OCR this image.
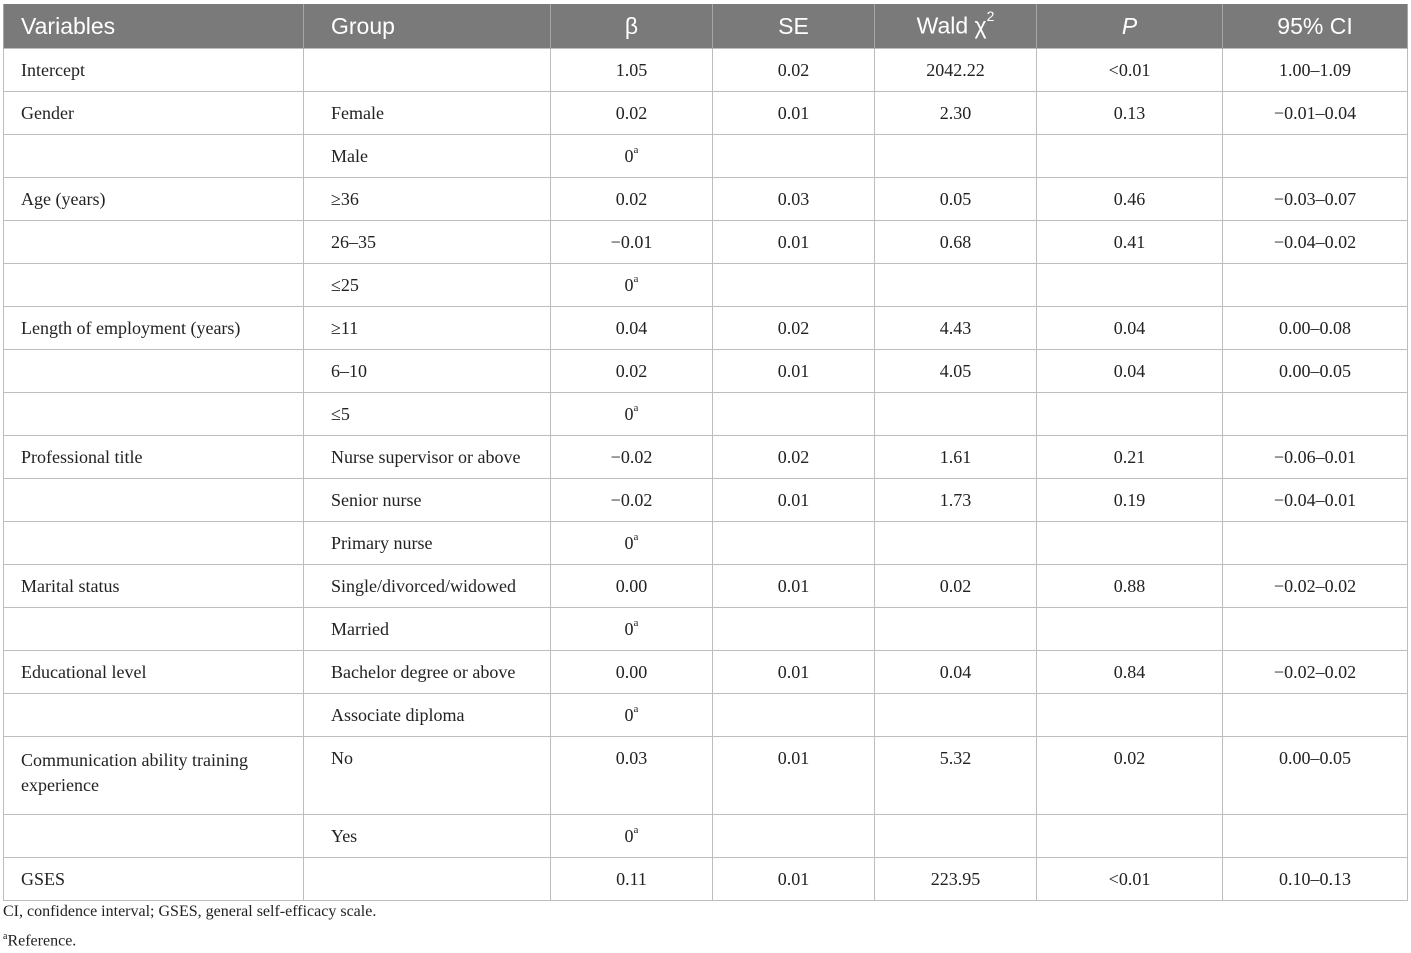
Variables	Group	β	SE	Wald $\chi^2$	P	95% CI
Intercept		1.05	0.02	2042.22	<0.01	1.00–1.09
Gender	Female	0.02	0.01	2.30	0.13	−0.01–0.04
	Male	0$^a$				
Age (years)	≥36	0.02	0.03	0.05	0.46	−0.03–0.07
	26–35	−0.01	0.01	0.68	0.41	−0.04–0.02
	≤25	0$^a$				
Length of employment (years)	≥11	0.04	0.02	4.43	0.04	0.00–0.08
	6–10	0.02	0.01	4.05	0.04	0.00–0.05
	≤5	0$^a$				
Professional title	Nurse supervisor or above	−0.02	0.02	1.61	0.21	−0.06–0.01
	Senior nurse	−0.02	0.01	1.73	0.19	−0.04–0.01
	Primary nurse	0$^a$				
Marital status	Single/divorced/widowed	0.00	0.01	0.02	0.88	−0.02–0.02
	Married	0$^a$				
Educational level	Bachelor degree or above	0.00	0.01	0.04	0.84	−0.02–0.02
	Associate diploma	0$^a$				
Communication ability training experience	No	0.03	0.01	5.32	0.02	0.00–0.05
	Yes	0$^a$				
GSES		0.11	0.01	223.95	<0.01	0.10–0.13
CI, confidence interval; GSES, general self-efficacy scale.
$^a$Reference.
